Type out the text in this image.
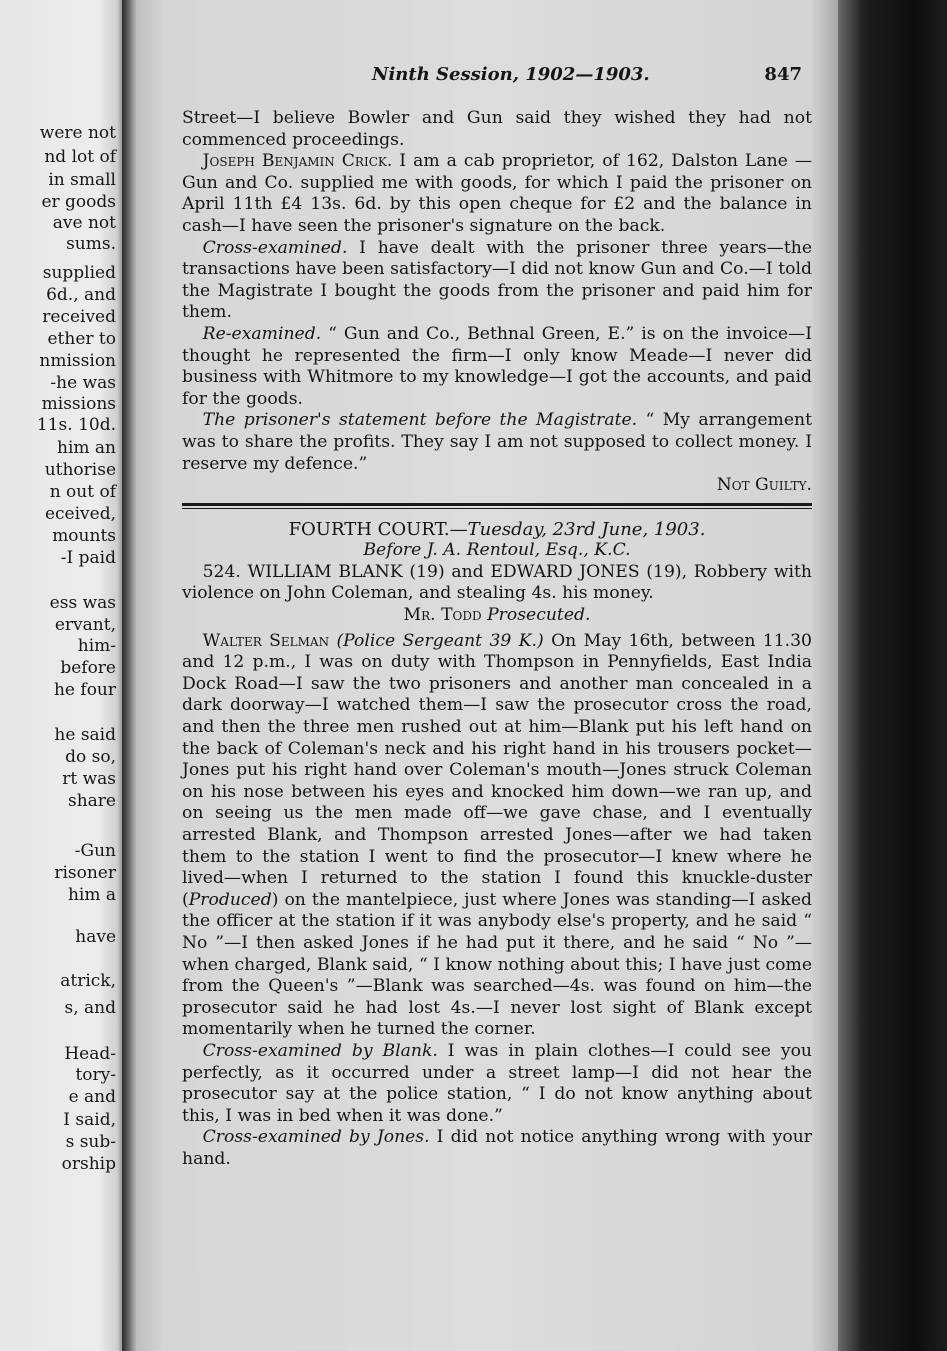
were not
nd lot of
in small
er goods
ave not
sums.
supplied
6d., and
received
ether to
nmission
-he was
missions
11s. 10d.
him an
uthorise
n out of
eceived,
mounts
-I paid
ess was
ervant,
him-
before
he four
he said
do so,
rt was
share
-Gun
risoner
him a
have
atrick,
s, and
Head-
tory-
e and
I said,
s sub-
orship
Ninth Session, 1902—1903.	847

Street—I believe Bowler and Gun said they wished they had not commenced proceedings.

Joseph Benjamin Crick. I am a cab proprietor, of 162, Dalston Lane —Gun and Co. supplied me with goods, for which I paid the prisoner on April 11th £4 13s. 6d. by this open cheque for £2 and the balance in cash—I have seen the prisoner's signature on the back.

Cross-examined. I have dealt with the prisoner three years—the transactions have been satisfactory—I did not know Gun and Co.—I told the Magistrate I bought the goods from the prisoner and paid him for them.

Re-examined. “ Gun and Co., Bethnal Green, E.” is on the invoice—I thought he represented the firm—I only know Meade—I never did business with Whitmore to my knowledge—I got the accounts, and paid for the goods.

The prisoner's statement before the Magistrate. “ My arrangement was to share the profits. They say I am not supposed to collect money. I reserve my defence.”

Not Guilty.

FOURTH COURT.—Tuesday, 23rd June, 1903.

Before J. A. Rentoul, Esq., K.C.

524. WILLIAM BLANK (19) and EDWARD JONES (19), Robbery with violence on John Coleman, and stealing 4s. his money.

Mr. Todd Prosecuted.

Walter Selman (Police Sergeant 39 K.) On May 16th, between 11.30 and 12 p.m., I was on duty with Thompson in Pennyfields, East India Dock Road—I saw the two prisoners and another man concealed in a dark doorway—I watched them—I saw the prosecutor cross the road, and then the three men rushed out at him—Blank put his left hand on the back of Coleman's neck and his right hand in his trousers pocket—Jones put his right hand over Coleman's mouth—Jones struck Coleman on his nose between his eyes and knocked him down—we ran up, and on seeing us the men made off—we gave chase, and I eventually arrested Blank, and Thompson arrested Jones—after we had taken them to the station I went to find the prosecutor—I knew where he lived—when I returned to the station I found this knuckle-duster (Produced) on the mantelpiece, just where Jones was standing—I asked the officer at the station if it was anybody else's property, and he said “ No ”—I then asked Jones if he had put it there, and he said “ No ”—when charged, Blank said, “ I know nothing about this; I have just come from the Queen's ”—Blank was searched—4s. was found on him—the prosecutor said he had lost 4s.—I never lost sight of Blank except momentarily when he turned the corner.

Cross-examined by Blank. I was in plain clothes—I could see you perfectly, as it occurred under a street lamp—I did not hear the prosecutor say at the police station, “ I do not know anything about this, I was in bed when it was done.”

Cross-examined by Jones. I did not notice anything wrong with your hand.
